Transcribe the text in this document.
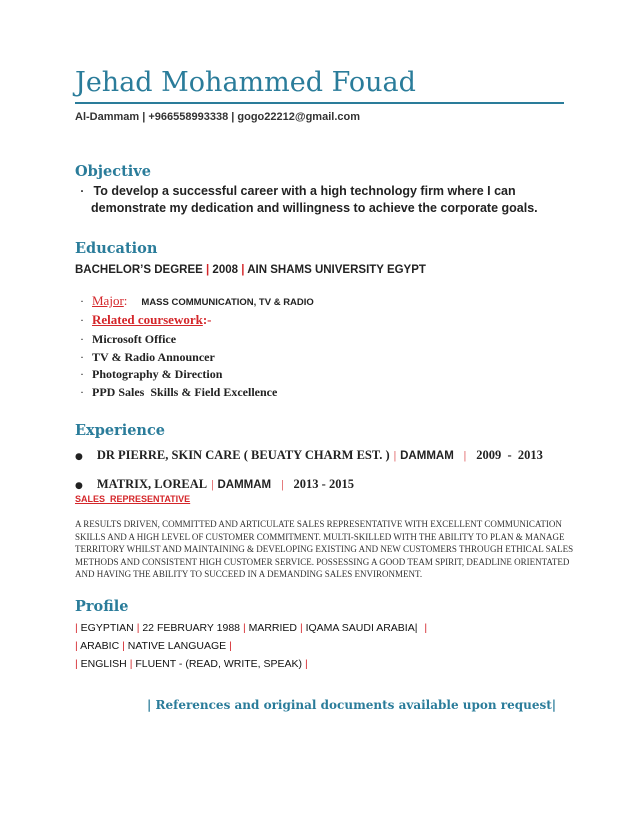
Jehad Mohammed Fouad
Al-Dammam | +966558993338 | gogo22212@gmail.com
Objective
· To develop a successful career with a high technology firm where I can
demonstrate my dedication and willingness to achieve the corporate goals.
Education
BACHELOR’S DEGREE | 2008 | AIN SHAMS UNIVERSITY EGYPT
· Major: MASS COMMUNICATION, TV & RADIO
· Related coursework:-
· Microsoft Office
· TV & Radio Announcer
· Photography & Direction
· PPD Sales  Skills & Field Excellence
Experience
● DR PIERRE, SKIN CARE ( BEUATY CHARM EST. ) | DAMMAM | 2009  -  2013
● MATRIX, LOREAL | DAMMAM | 2013 - 2015
SALES  REPRESENTATIVE
A RESULTS DRIVEN, COMMITTED AND ARTICULATE SALES REPRESENTATIVE WITH EXCELLENT COMMUNICATION
SKILLS AND A HIGH LEVEL OF CUSTOMER COMMITMENT. MULTI-SKILLED WITH THE ABILITY TO PLAN & MANAGE
TERRITORY WHILST AND MAINTAINING & DEVELOPING EXISTING AND NEW CUSTOMERS THROUGH ETHICAL SALES
METHODS AND CONSISTENT HIGH CUSTOMER SERVICE. POSSESSING A GOOD TEAM SPIRIT, DEADLINE ORIENTATED
AND HAVING THE ABILITY TO SUCCEED IN A DEMANDING SALES ENVIRONMENT.
Profile
| EGYPTIAN | 22 FEBRUARY 1988 | MARRIED | IQAMA SAUDI ARABIA| |
| ARABIC | NATIVE LANGUAGE |
| ENGLISH | FLUENT - (READ, WRITE, SPEAK) |
| References and original documents available upon request|
